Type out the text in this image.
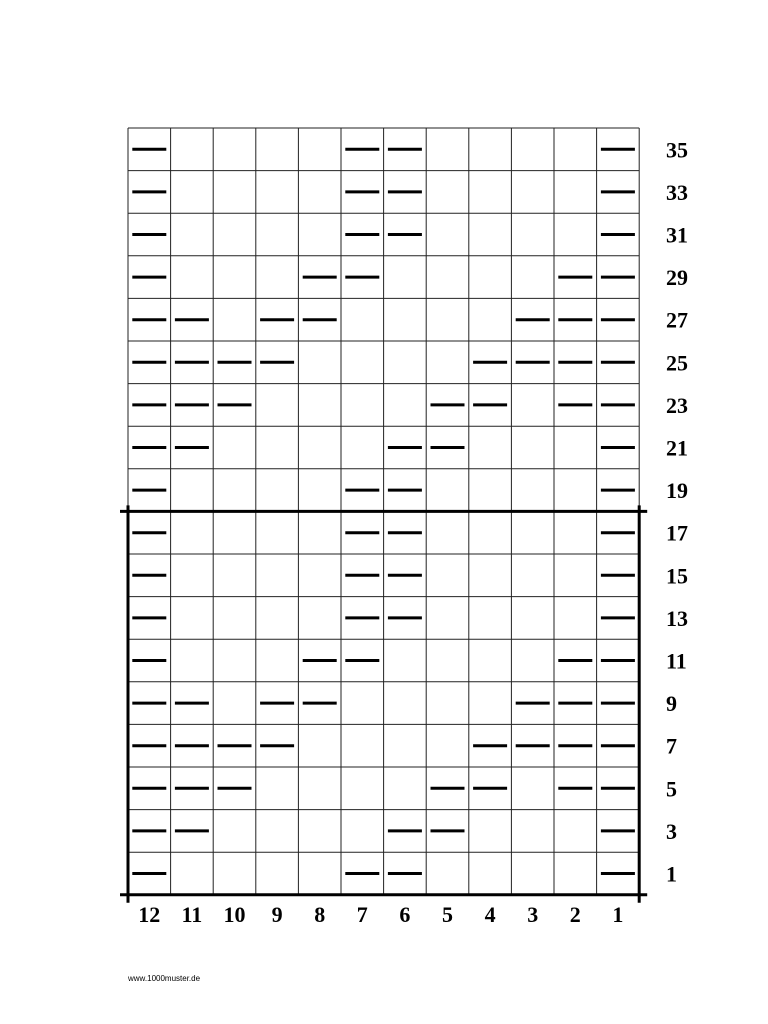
35
33
31
29
27
25
23
21
19
17
15
13
11
9
7
5
3
1
12 11 10 9 8 7 6 5 4 3 2 1
www.1000muster.de
